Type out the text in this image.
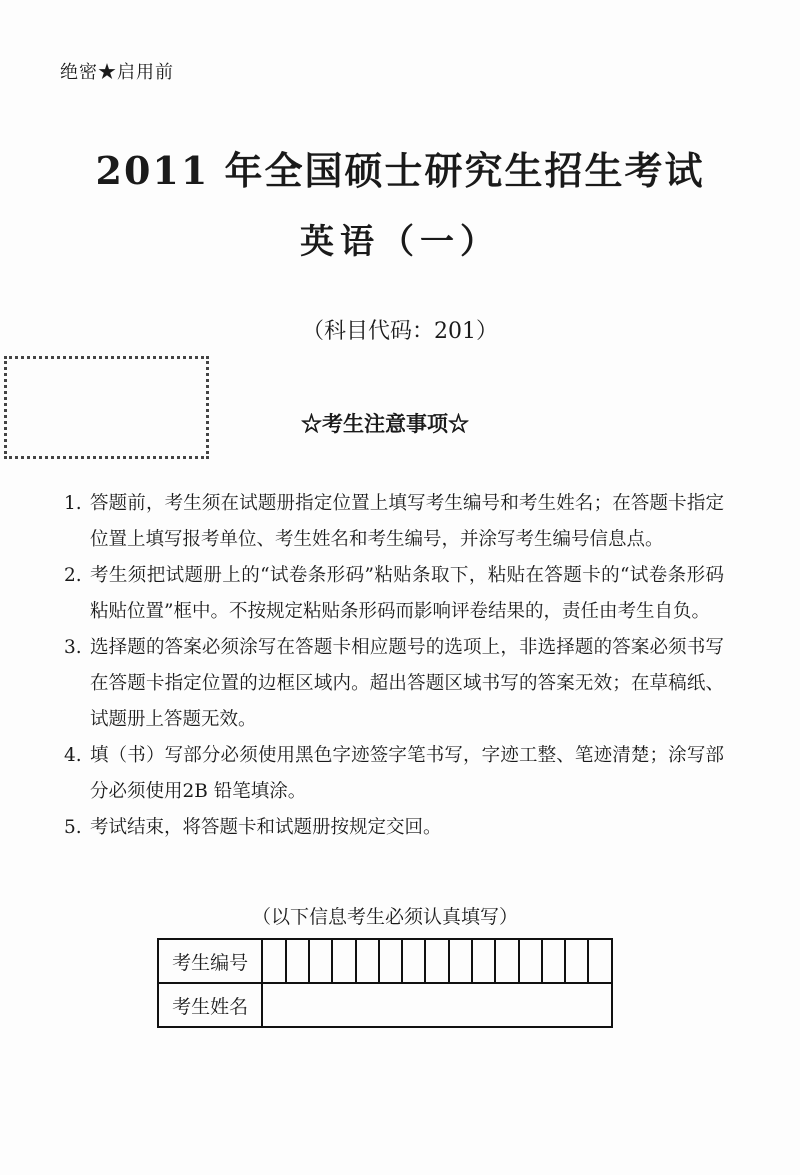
绝密★启用前
2011 年全国硕士研究生招生考试
英语（一）
（科目代码：201）
☆考生注意事项☆
1. 答题前，考生须在试题册指定位置上填写考生编号和考生姓名；在答题卡指定位置上填写报考单位、考生姓名和考生编号，并涂写考生编号信息点。
2. 考生须把试题册上的“试卷条形码”粘贴条取下，粘贴在答题卡的“试卷条形码粘贴位置”框中。不按规定粘贴条形码而影响评卷结果的，责任由考生自负。
3. 选择题的答案必须涂写在答题卡相应题号的选项上，非选择题的答案必须书写在答题卡指定位置的边框区域内。超出答题区域书写的答案无效；在草稿纸、试题册上答题无效。
4. 填（书）写部分必须使用黑色字迹签字笔书写，字迹工整、笔迹清楚；涂写部分必须使用2B 铅笔填涂。
5. 考试结束，将答题卡和试题册按规定交回。
（以下信息考生必须认真填写）
考生编号															
考生姓名															
